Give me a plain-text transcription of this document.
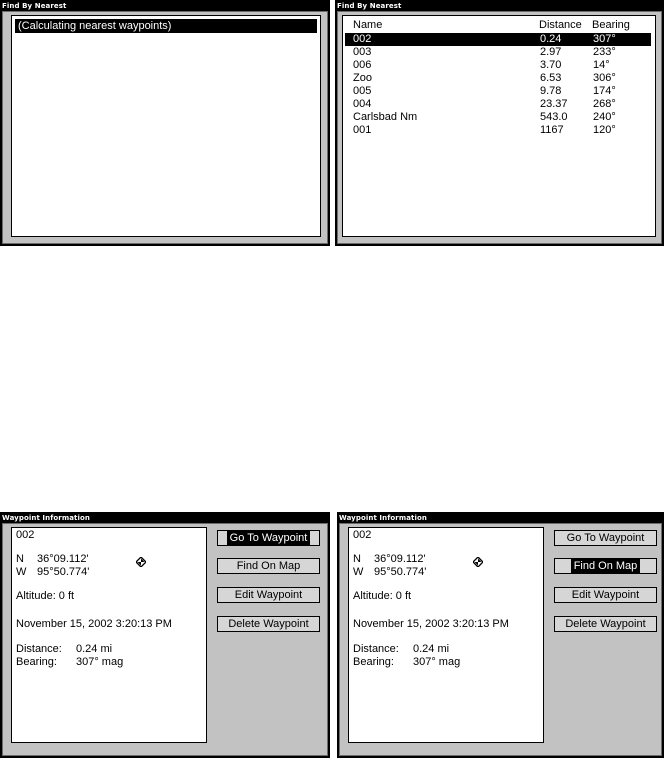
Find By Nearest
(Calculating nearest waypoints)
Find By Nearest
Name	Distance Bearing
002	0.24	307°
003	2.97	233°
006	3.70	14°
Zoo	6.53	306°
005	9.78	174°
004	23.37 268°
Carlsbad Nm	543.0 240°
001	1167	120°
Waypoint Information
002
N 36°09.112'
W 95°50.774'
Altitude: 0 ft
November 15, 2002 3:20:13 PM
Distance: 0.24 mi
Bearing: 307° mag
Go To Waypoint
Find On Map
Edit Waypoint
Delete Waypoint
Waypoint Information
002
N 36°09.112'
W 95°50.774'
Altitude: 0 ft
November 15, 2002 3:20:13 PM
Distance: 0.24 mi
Bearing: 307° mag
Go To Waypoint
Find On Map
Edit Waypoint
Delete Waypoint
